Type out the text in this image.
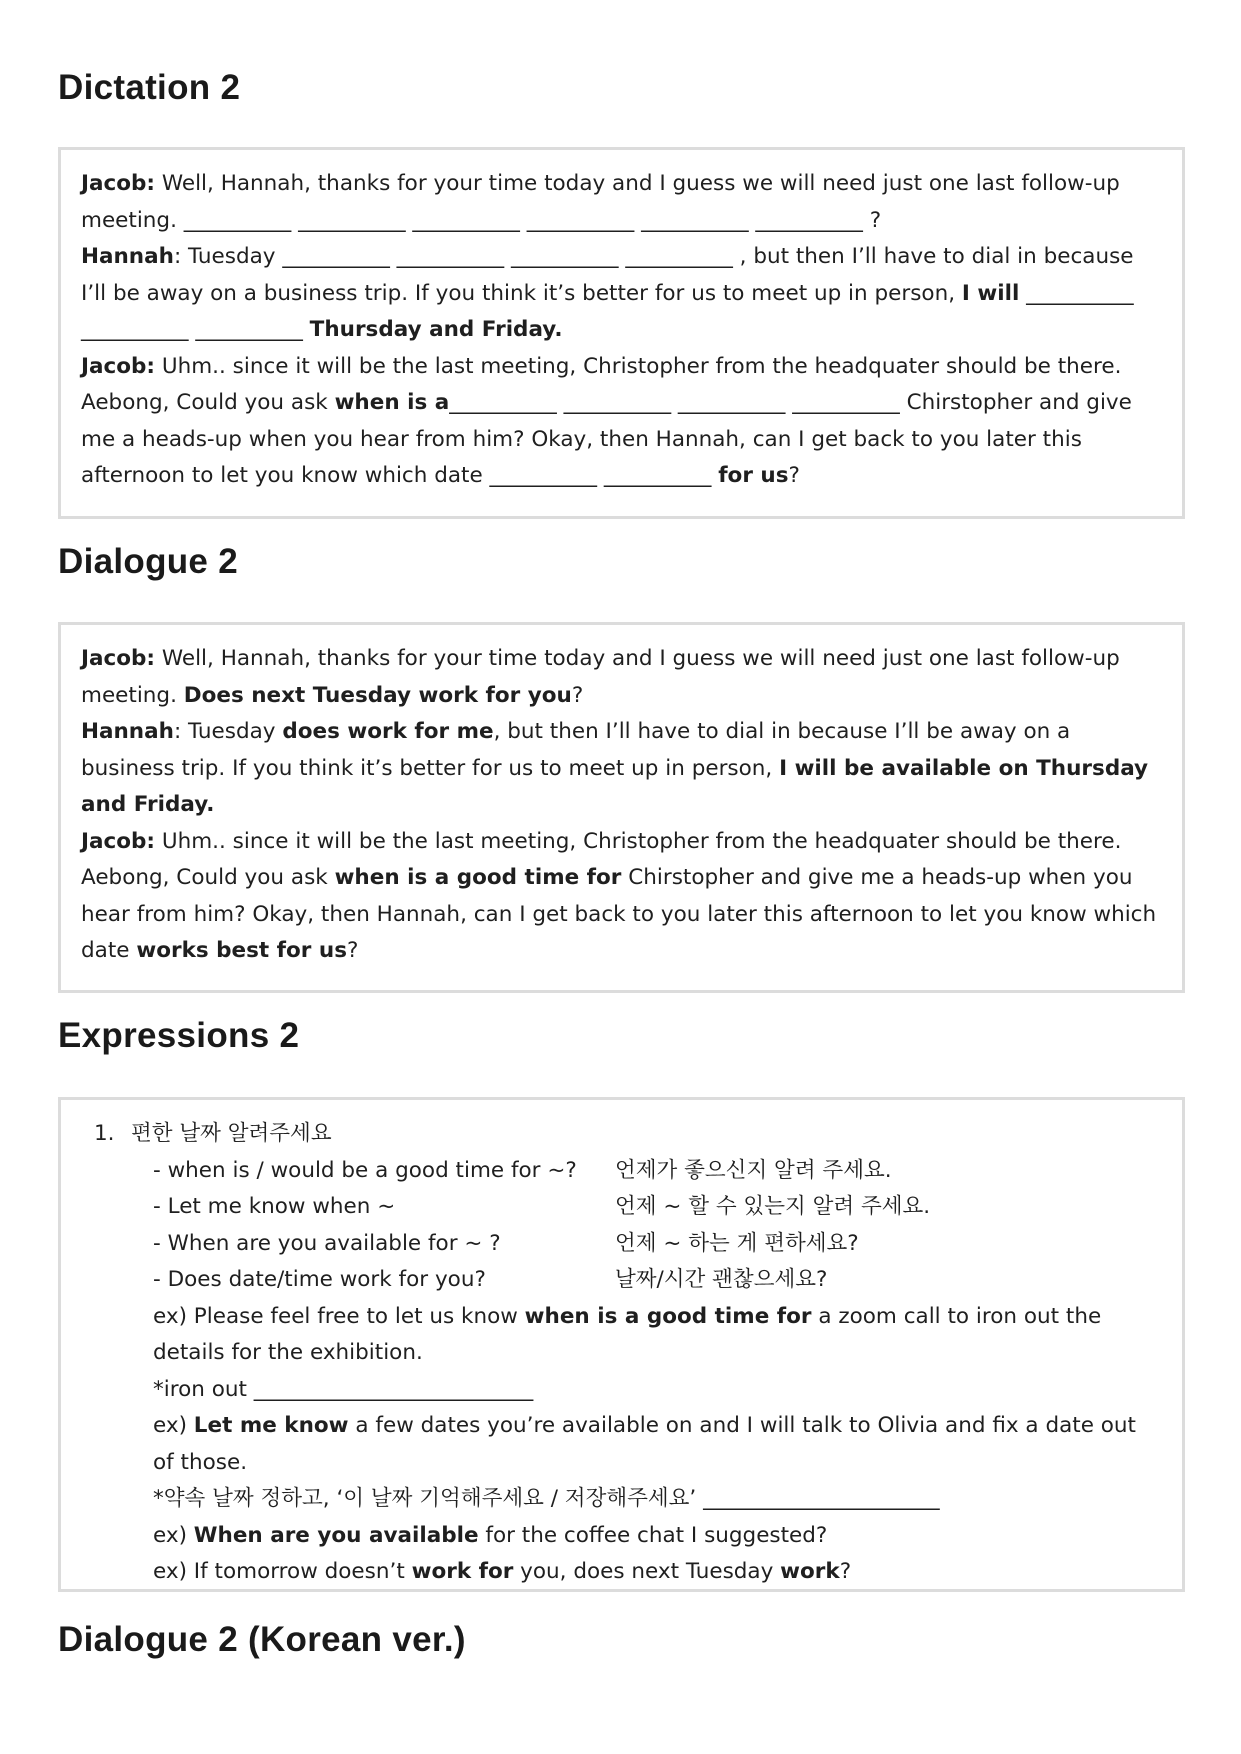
Dictation 2

Jacob: Well, Hannah, thanks for your time today and I guess we will need just one last follow-up meeting. __________ __________ __________ __________ __________ __________ ?

Hannah: Tuesday __________ __________ __________ __________ , but then I’ll have to dial in because I’ll be away on a business trip. If you think it’s better for us to meet up in person, I will __________ __________ __________ Thursday and Friday.

Jacob: Uhm.. since it will be the last meeting, Christopher from the headquater should be there. Aebong, Could you ask when is a__________ __________ __________ __________ Chirstopher and give me a heads-up when you hear from him? Okay, then Hannah, can I get back to you later this afternoon to let you know which date __________ __________ for us?

Dialogue 2

Jacob: Well, Hannah, thanks for your time today and I guess we will need just one last follow-up meeting. Does next Tuesday work for you?

Hannah: Tuesday does work for me, but then I’ll have to dial in because I’ll be away on a business trip. If you think it’s better for us to meet up in person, I will be available on Thursday and Friday.

Jacob: Uhm.. since it will be the last meeting, Christopher from the headquater should be there. Aebong, Could you ask when is a good time for Chirstopher and give me a heads-up when you hear from him? Okay, then Hannah, can I get back to you later this afternoon to let you know which date works best for us?

Expressions 2
1. 편한 날짜 알려주세요
- when is / would be a good time for ~?	언제가 좋으신지 알려 주세요.
- Let me know when ~	언제 ~ 할 수 있는지 알려 주세요.
- When are you available for ~ ?	언제 ~ 하는 게 편하세요?
- Does date/time work for you?	날짜/시간 괜찮으세요?

ex) Please feel free to let us know when is a good time for a zoom call to iron out the details for the exhibition.

*iron out __________________________

ex) Let me know a few dates you’re available on and I will talk to Olivia and fix a date out of those.

*약속 날짜 정하고, ‘이 날짜 기억해주세요 / 저장해주세요’ ______________________

ex) When are you available for the coffee chat I suggested?

ex) If tomorrow doesn’t work for you, does next Tuesday work?

Dialogue 2 (Korean ver.)
